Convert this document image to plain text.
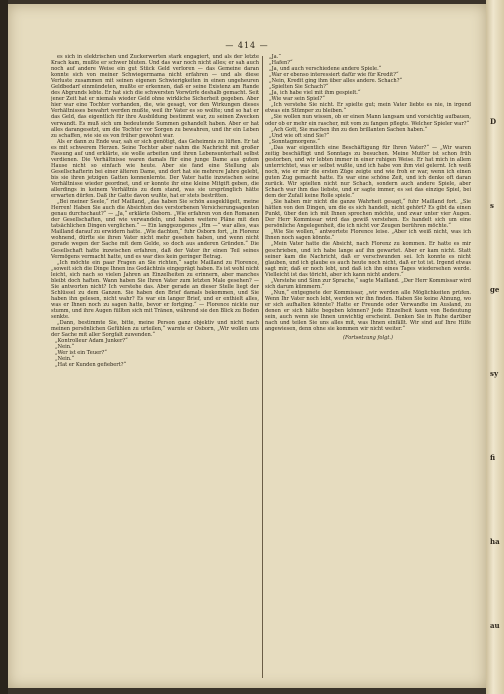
— 414 —

es sich in elektrischen und Zuckerwerten stark engagiert, und als der letzte Krach kam, mußte er schwer bluten. Und das war noch nicht alles; er sah auch noch auf andere Weise ein gut Stück Geld verloren — das Gemeine daran konnte sich von meiner Schwiegermama nicht erfahren — und als diese Verluste zusammen mit seinen eigenen Schwierigkeiten in einen ungeheuren Geldbedarf einmündeten, mußte er erkennen, daß er seine Existenz am Rande des Abgrunds lebte. Er hat sich die schwersten Vorwürfe deshalb gemacht. Seit jener Zeit hat er niemals wieder Geld ohne wirkliche Sicherheit gegeben. Aber hier war eine Tochter vorhanden, die, wie gesagt, vor den Wirkungen dieses Verhältnisses bewahrt werden mußte, weil ihr Vater es so wollte; und so hat er das Geld, das eigentlich für ihre Ausbildung bestimmt war, zu seinen Zwecken verwandt. Es muß sich um bedeutende Summen gehandelt haben. Aber er hat alles darangesetzt, um die Tochter vor Sorgen zu bewahren, und ihr ein Leben zu schaffen, wie sie es von früher gewohnt war.

Als er dann zu Ende war, sah er sich genötigt, das Geheimnis zu lüften. Er tat es mit schwerem Herzen. Seine Tochter aber nahm die Nachricht mit großer Fassung auf und erklärte, sie wolle arbeiten und ihren Lebensunterhalt selbst verdienen. Die Verhältnisse waren damals für eine junge Dame aus gutem Hause nicht so einfach wie heute. Aber sie fand eine Stellung als Gesellschafterin bei einer älteren Dame, und dort hat sie mehrere Jahre gelebt, bis sie ihren jetzigen Gatten kennenlernte. Der Vater hatte inzwischen seine Verhältnisse wieder geordnet, und er konnte ihr eine kleine Mitgift geben, die allerdings in keinem Verhältnis zu dem stand, was sie ursprünglich hätte erwarten dürfen. Daß ihr Gatte davon wußte, hat er stets bestritten.

„Bei meiner Seele,“ rief Mailland, „das haben Sie schön ausgeklügelt, meine Herren! Haben Sie auch die Absichten des verstorbenen Versicherungsagenten genau durchschaut?“ — „Ja,“ erklärte Osborn. „Wie erfahren von den Romanen der Gesellschaften, und wie verwandeln, und haben weitere Pläne mit den tatsächlichen Dingen verglichen.“ — Ein langgezogenes „Hm —“ war alles, was Mailland darauf zu erwidern hatte. „Wie dachten,“ fuhr Osborn fort, „in Florenz wohnend, dürfte sie ihren Vater nicht mehr gesehen haben, und wenn nicht gerade wegen der Sache mit dem Gelde, so doch aus anderen Gründen.“ Die Gesellschaft hatte inzwischen erfahren, daß der Vater ihr einen Teil seines Vermögens vermacht hatte, und es war dies kein geringer Betrag.

„Ich möchte ein paar Fragen an Sie richten,“ sagte Mailland zu Florence, „soweit sich die Dinge Ihnen ins Gedächtnis eingeprägt haben. Es ist wohl nicht leicht, sich nach so vielen Jahren an Einzelheiten zu erinnern, aber manches bleibt doch haften. Wann haben Sie Ihren Vater zum letzten Male gesehen? — Sie antworten nicht? Ich verstehe das. Aber gerade an dieser Stelle liegt der Schlüssel zu dem Ganzen. Sie haben den Brief damals bekommen, und Sie haben ihn gelesen, nicht wahr? Es war ein langer Brief, und er enthielt alles, was er Ihnen noch zu sagen hatte, bevor er fortging.“ — Florence nickte nur stumm, und ihre Augen füllten sich mit Tränen, während sie den Blick zu Boden senkte.

„Dann, bestimmte Sie, bitte, meine Person ganz objektiv und nicht nach meinen persönlichen Gefühlen zu urteilen,“ warnte er Osborn, „Wir wollen uns der Sache mit aller Sorgfalt zuwenden.“

„Kontrolleur Adam Junker?“

„Nein.“

„Wer ist ein Teuer?“

„Nein.“

„Hat er Kunden gefiebert?“

„Ja.“

„Hafen?“

„Ja, und auch verschiedene andere Spiele.“

„War er ebenso interessiert dafür wie für Kredit?“

„Nein, Kredit ging ihm über alles andere. Schach?“

„Spielten Sie Schach?“

„Ja, ich habe viel mit ihm gespielt.“

„Wie war sein Spiel?“

„Ich verstehe Sie nicht. Er spielte gut; mein Vater liebte es nie, in irgend etwas ein Stümper zu bleiben.“

„Sie wollen nun wissen, ob er einen Mann langsam und vorsichtig aufbauen, oder ob er mehr ein rascher, mit vom zu fangen pflegte. Welcher Spieler war?“

„Ach Gott, Sie machen ihn zu den brillanten Sachen haben.“

„Und wie oft sind Sie?“

„Sonntagmorgens.“

„Das war eigentlich eine Beschäftigung für Ihren Vater?“ — „Wir waren zeitig beschäftigt und Sonntags zu besuchen. Meine Mutter ist schon früh gestorben, und wir lebten immer in einer ruhigen Weise. Er hat mich in allem unterrichtet, was er selbst wußte, und ich habe von ihm viel gelernt. Ich weiß noch, wie er mir die ersten Züge zeigte und wie froh er war, wenn ich einen guten Zug gemacht hatte. Es war eine schöne Zeit, und ich denke oft daran zurück. Wir spielten nicht nur Schach, sondern auch andere Spiele, aber Schach war ihm das liebste, und er sagte immer, es sei das einzige Spiel, bei dem der Zufall keine Rolle spiele.“

„Sie haben mir nicht die ganze Wahrheit gesagt,“ fuhr Mailland fort. „Sie hätten von den Dingen, um die es sich handelt, nicht gehört? Es gibt da einen Punkt, über den ich mit Ihnen sprechen möchte, und zwar unter vier Augen. Der Herr Kommissar wird das gewiß verstehen. Es handelt sich um eine persönliche Angelegenheit, die ich nicht vor Zeugen berühren möchte.“

„Wie Sie wollen,“ antwortete Florence leise. „Aber ich weiß nicht, was ich Ihnen noch sagen könnte.“

„Mein Vater hatte die Absicht, nach Florenz zu kommen. Er hatte es mir geschrieben, und ich habe lange auf ihn gewartet. Aber er kam nicht. Statt seiner kam die Nachricht, daß er verschwunden sei. Ich konnte es nicht glauben, und ich glaube es auch heute noch nicht, daß er tot ist. Irgend etwas sagt mir, daß er noch lebt, und daß ich ihn eines Tages wiedersehen werde. Vielleicht ist das töricht, aber ich kann nicht anders.“

„Verstehe und Sinn zur Sprache,“ sagte Mailland. „Der Herr Kommissar wird sich darum kümmern.“

„Nun,“ entgegnete der Kommissar, „wir werden alle Möglichkeiten prüfen. Wenn Ihr Vater noch lebt, werden wir ihn finden. Haben Sie keine Ahnung, wo er sich aufhalten könnte? Hatte er Freunde oder Verwandte im Ausland, zu denen er sich hätte begeben können? Jede Einzelheit kann von Bedeutung sein, auch wenn sie Ihnen unwichtig erscheint. Denken Sie in Ruhe darüber nach und teilen Sie uns alles mit, was Ihnen einfällt. Wir sind auf Ihre Hilfe angewiesen, denn ohne sie kommen wir nicht weiter.“

(Fortsetzung folgt.)

D
s
ge
sy
fi
ha
au
